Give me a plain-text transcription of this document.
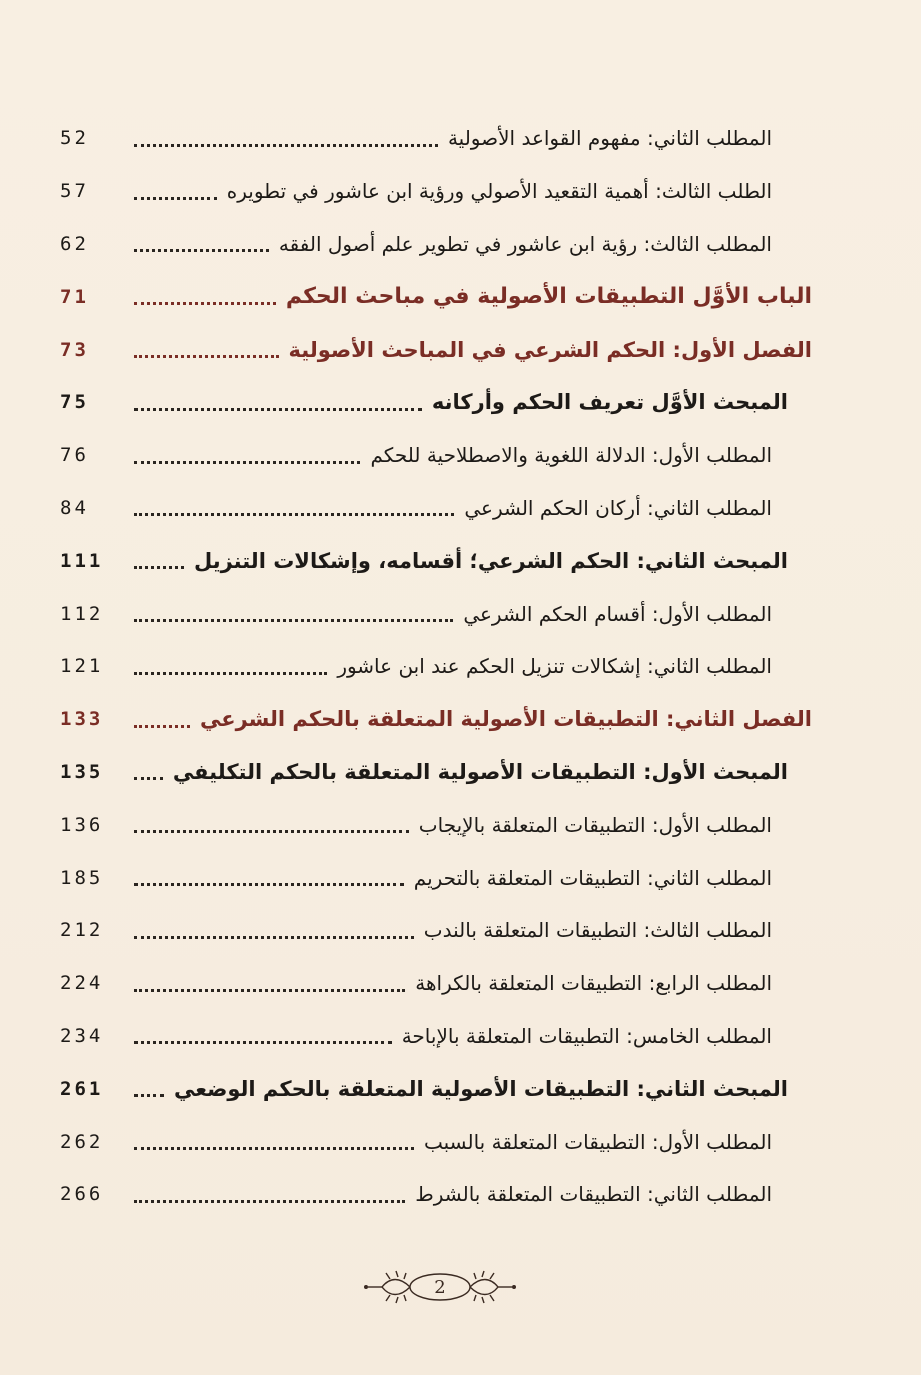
المطلب الثاني: مفهوم القواعد الأصولية
52
الطلب الثالث: أهمية التقعيد الأصولي ورؤية ابن عاشور في تطويره
57
المطلب الثالث: رؤية ابن عاشور في تطوير علم أصول الفقه
62
الباب الأوَّل التطبيقات الأصولية في مباحث الحكم
71
الفصل الأول: الحكم الشرعي في المباحث الأصولية
73
المبحث الأوَّل تعريف الحكم وأركانه
75
المطلب الأول: الدلالة اللغوية والاصطلاحية للحكم
76
المطلب الثاني: أركان الحكم الشرعي
84
المبحث الثاني: الحكم الشرعي؛ أقسامه، وإشكالات التنزيل
111
المطلب الأول: أقسام الحكم الشرعي
112
المطلب الثاني: إشكالات تنزيل الحكم عند ابن عاشور
121
الفصل الثاني: التطبيقات الأصولية المتعلقة بالحكم الشرعي
133
المبحث الأول: التطبيقات الأصولية المتعلقة بالحكم التكليفي
135
المطلب الأول: التطبيقات المتعلقة بالإيجاب
136
المطلب الثاني: التطبيقات المتعلقة بالتحريم
185
المطلب الثالث: التطبيقات المتعلقة بالندب
212
المطلب الرابع: التطبيقات المتعلقة بالكراهة
224
المطلب الخامس: التطبيقات المتعلقة بالإباحة
234
المبحث الثاني: التطبيقات الأصولية المتعلقة بالحكم الوضعي
261
المطلب الأول: التطبيقات المتعلقة بالسبب
262
المطلب الثاني: التطبيقات المتعلقة بالشرط
266
2
